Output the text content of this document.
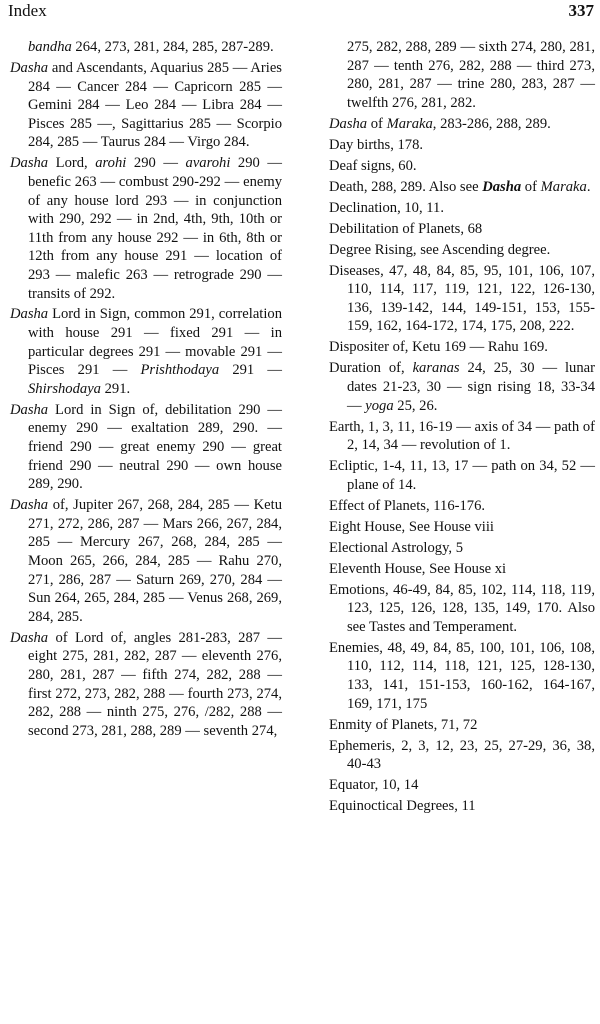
Index	337

bandha 264, 273, 281, 284, 285, 287-289.

Dasha and Ascendants, Aquarius 285 — Aries 284 — Cancer 284 — Capricorn 285 — Gemini 284 — Leo 284 — Libra 284 — Pisces 285 —, Sagittarius 285 — Scorpio 284, 285 — Taurus 284 — Virgo 284.

Dasha Lord, arohi 290 — avarohi 290 — benefic 263 — combust 290-292 — enemy of any house lord 293 — in conjunction with 290, 292 — in 2nd, 4th, 9th, 10th or 11th from any house 292 — in 6th, 8th or 12th from any house 291 — location of 293 — malefic 263 — retrograde 290 — transits of 292.

Dasha Lord in Sign, common 291, correlation with house 291 — fixed 291 — in particular degrees 291 — movable 291 — Pisces 291 — Prishthodaya 291 — Shirshodaya 291.

Dasha Lord in Sign of, debilitation 290 — enemy 290 — exaltation 289, 290. — friend 290 — great enemy 290 — great friend 290 — neutral 290 — own house 289, 290.

Dasha of, Jupiter 267, 268, 284, 285 — Ketu 271, 272, 286, 287 — Mars 266, 267, 284, 285 — Mercury 267, 268, 284, 285 — Moon 265, 266, 284, 285 — Rahu 270, 271, 286, 287 — Saturn 269, 270, 284 — Sun 264, 265, 284, 285 — Venus 268, 269, 284, 285.

Dasha of Lord of, angles 281-283, 287 — eight 275, 281, 282, 287 — eleventh 276, 280, 281, 287 — fifth 274, 282, 288 — first 272, 273, 282, 288 — fourth 273, 274, 282, 288 — ninth 275, 276, /282, 288 — second 273, 281, 288, 289 — seventh 274,

275, 282, 288, 289 — sixth 274, 280, 281, 287 — tenth 276, 282, 288 — third 273, 280, 281, 287 — trine 280, 283, 287 — twelfth 276, 281, 282.

Dasha of Maraka, 283-286, 288, 289.

Day births, 178.

Deaf signs, 60.

Death, 288, 289. Also see Dasha of Maraka.

Declination, 10, 11.

Debilitation of Planets, 68

Degree Rising, see Ascending degree.

Diseases, 47, 48, 84, 85, 95, 101, 106, 107, 110, 114, 117, 119, 121, 122, 126-130, 136, 139-142, 144, 149-151, 153, 155-159, 162, 164-172, 174, 175, 208, 222.

Dispositer of, Ketu 169 — Rahu 169.

Duration of, karanas 24, 25, 30 — lunar dates 21-23, 30 — sign rising 18, 33-34 — yoga 25, 26.

Earth, 1, 3, 11, 16-19 — axis of 34 — path of 2, 14, 34 — revolution of 1.

Ecliptic, 1-4, 11, 13, 17 — path on 34, 52 — plane of 14.

Effect of Planets, 116-176.

Eight House, See House viii

Electional Astrology, 5

Eleventh House, See House xi

Emotions, 46-49, 84, 85, 102, 114, 118, 119, 123, 125, 126, 128, 135, 149, 170. Also see Tastes and Temperament.

Enemies, 48, 49, 84, 85, 100, 101, 106, 108, 110, 112, 114, 118, 121, 125, 128-130, 133, 141, 151-153, 160-162, 164-167, 169, 171, 175

Enmity of Planets, 71, 72

Ephemeris, 2, 3, 12, 23, 25, 27-29, 36, 38, 40-43

Equator, 10, 14

Equinoctical Degrees, 11
